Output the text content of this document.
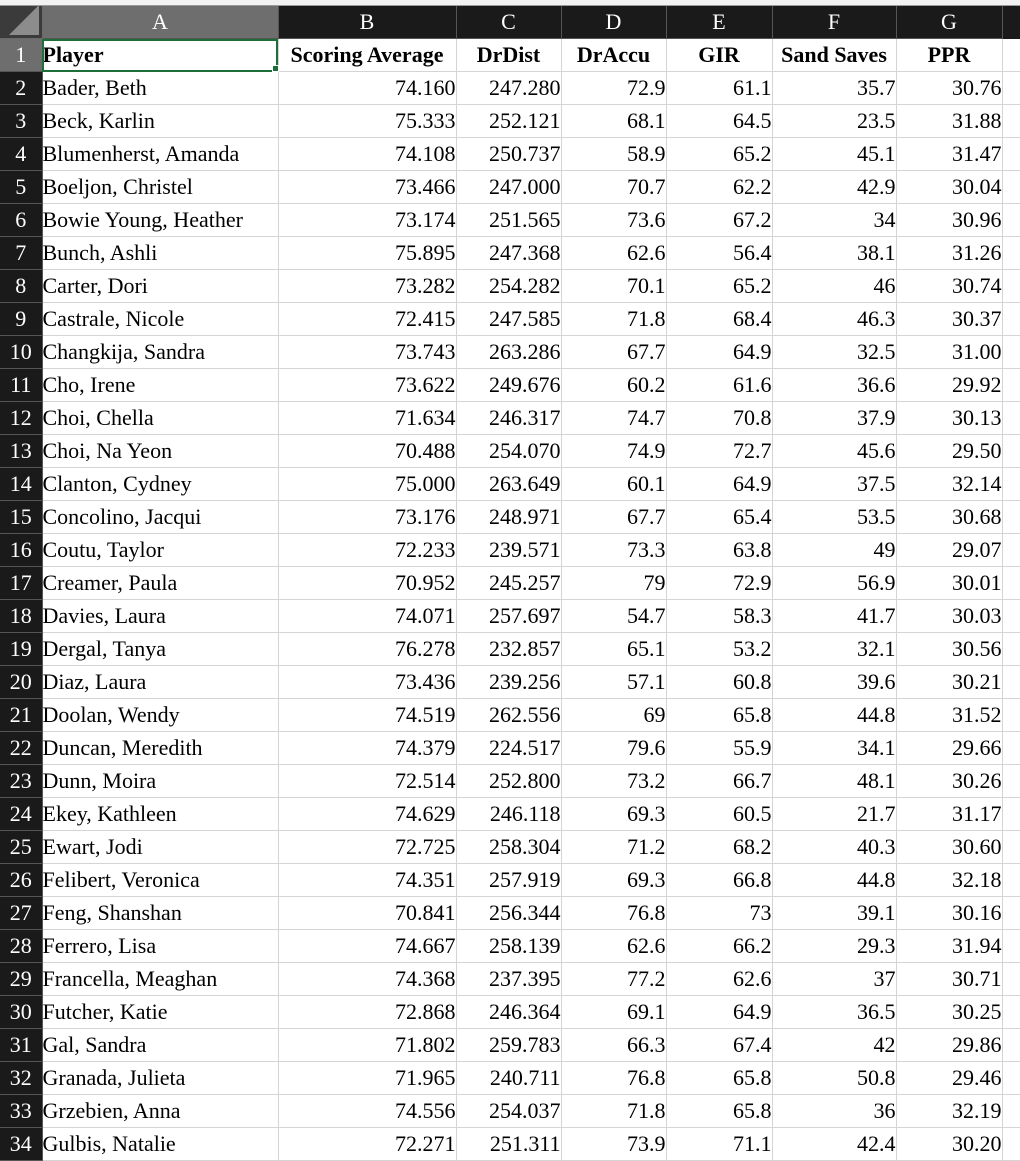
	A	B	C	D	E	F	G	
1	Player	Scoring Average	DrDist	DrAccu	GIR	Sand Saves	PPR	
2	Bader, Beth	74.160	247.280	72.9	61.1	35.7	30.76	
3	Beck, Karlin	75.333	252.121	68.1	64.5	23.5	31.88	
4	Blumenherst, Amanda	74.108	250.737	58.9	65.2	45.1	31.47	
5	Boeljon, Christel	73.466	247.000	70.7	62.2	42.9	30.04	
6	Bowie Young, Heather	73.174	251.565	73.6	67.2	34	30.96	
7	Bunch, Ashli	75.895	247.368	62.6	56.4	38.1	31.26	
8	Carter, Dori	73.282	254.282	70.1	65.2	46	30.74	
9	Castrale, Nicole	72.415	247.585	71.8	68.4	46.3	30.37	
10	Changkija, Sandra	73.743	263.286	67.7	64.9	32.5	31.00	
11	Cho, Irene	73.622	249.676	60.2	61.6	36.6	29.92	
12	Choi, Chella	71.634	246.317	74.7	70.8	37.9	30.13	
13	Choi, Na Yeon	70.488	254.070	74.9	72.7	45.6	29.50	
14	Clanton, Cydney	75.000	263.649	60.1	64.9	37.5	32.14	
15	Concolino, Jacqui	73.176	248.971	67.7	65.4	53.5	30.68	
16	Coutu, Taylor	72.233	239.571	73.3	63.8	49	29.07	
17	Creamer, Paula	70.952	245.257	79	72.9	56.9	30.01	
18	Davies, Laura	74.071	257.697	54.7	58.3	41.7	30.03	
19	Dergal, Tanya	76.278	232.857	65.1	53.2	32.1	30.56	
20	Diaz, Laura	73.436	239.256	57.1	60.8	39.6	30.21	
21	Doolan, Wendy	74.519	262.556	69	65.8	44.8	31.52	
22	Duncan, Meredith	74.379	224.517	79.6	55.9	34.1	29.66	
23	Dunn, Moira	72.514	252.800	73.2	66.7	48.1	30.26	
24	Ekey, Kathleen	74.629	246.118	69.3	60.5	21.7	31.17	
25	Ewart, Jodi	72.725	258.304	71.2	68.2	40.3	30.60	
26	Felibert, Veronica	74.351	257.919	69.3	66.8	44.8	32.18	
27	Feng, Shanshan	70.841	256.344	76.8	73	39.1	30.16	
28	Ferrero, Lisa	74.667	258.139	62.6	66.2	29.3	31.94	
29	Francella, Meaghan	74.368	237.395	77.2	62.6	37	30.71	
30	Futcher, Katie	72.868	246.364	69.1	64.9	36.5	30.25	
31	Gal, Sandra	71.802	259.783	66.3	67.4	42	29.86	
32	Granada, Julieta	71.965	240.711	76.8	65.8	50.8	29.46	
33	Grzebien, Anna	74.556	254.037	71.8	65.8	36	32.19	
34	Gulbis, Natalie	72.271	251.311	73.9	71.1	42.4	30.20	
